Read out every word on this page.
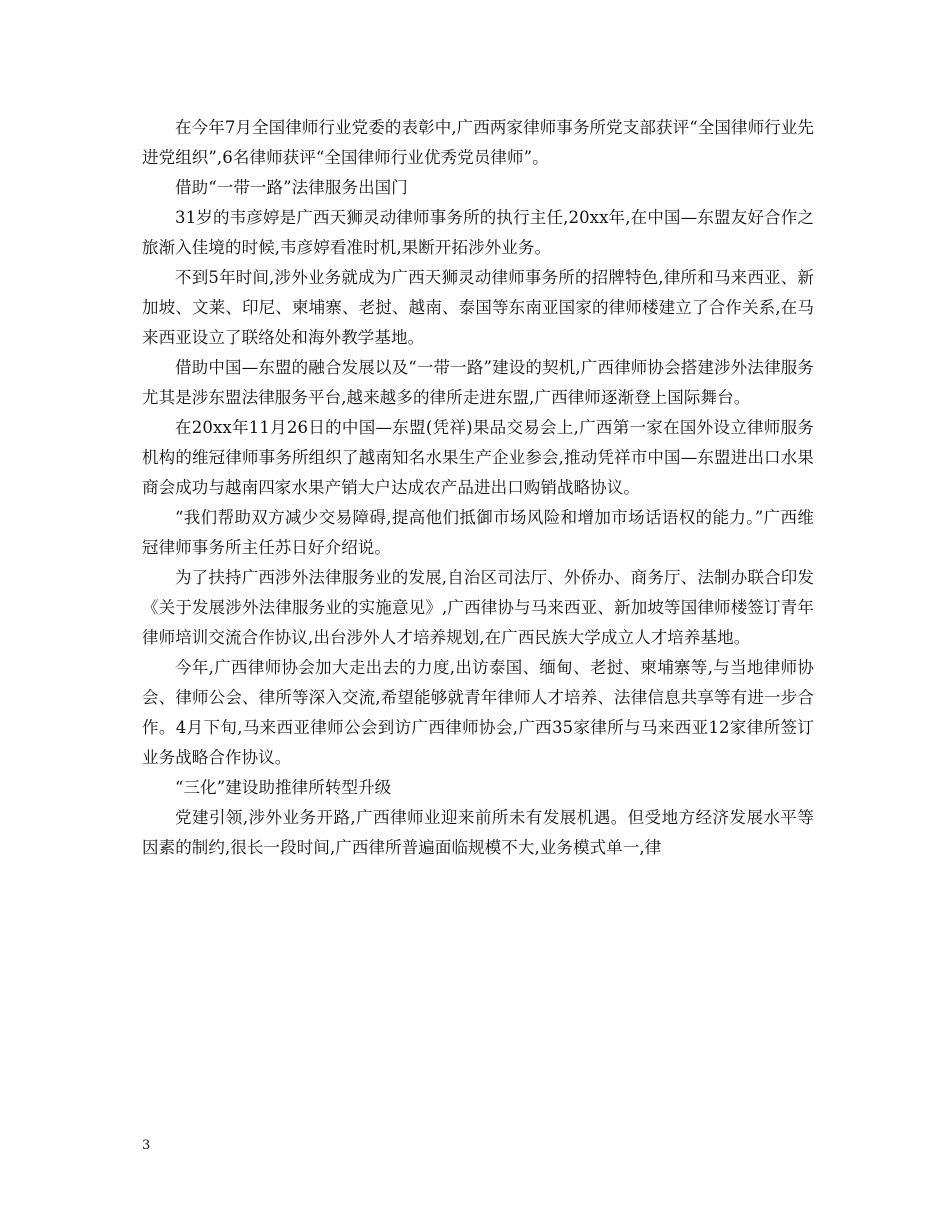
在今年7月全国律师行业党委的表彰中,广西两家律师事务所党支部获评“全国律师行业先进党组织”,6名律师获评“全国律师行业优秀党员律师”。

借助“一带一路”法律服务出国门

31岁的韦彦婷是广西天狮灵动律师事务所的执行主任,20xx年,在中国—东盟友好合作之旅渐入佳境的时候,韦彦婷看准时机,果断开拓涉外业务。

不到5年时间,涉外业务就成为广西天狮灵动律师事务所的招牌特色,律所和马来西亚、新加坡、文莱、印尼、柬埔寨、老挝、越南、泰国等东南亚国家的律师楼建立了合作关系,在马来西亚设立了联络处和海外教学基地。

借助中国—东盟的融合发展以及“一带一路”建设的契机,广西律师协会搭建涉外法律服务尤其是涉东盟法律服务平台,越来越多的律所走进东盟,广西律师逐渐登上国际舞台。

在20xx年11月26日的中国—东盟(凭祥)果品交易会上,广西第一家在国外设立律师服务机构的维冠律师事务所组织了越南知名水果生产企业参会,推动凭祥市中国—东盟进出口水果商会成功与越南四家水果产销大户达成农产品进出口购销战略协议。

“我们帮助双方减少交易障碍,提高他们抵御市场风险和增加市场话语权的能力。”广西维冠律师事务所主任苏日好介绍说。

为了扶持广西涉外法律服务业的发展,自治区司法厅、外侨办、商务厅、法制办联合印发《关于发展涉外法律服务业的实施意见》,广西律协与马来西亚、新加坡等国律师楼签订青年律师培训交流合作协议,出台涉外人才培养规划,在广西民族大学成立人才培养基地。

今年,广西律师协会加大走出去的力度,出访泰国、缅甸、老挝、柬埔寨等,与当地律师协会、律师公会、律所等深入交流,希望能够就青年律师人才培养、法律信息共享等有进一步合作。4月下旬,马来西亚律师公会到访广西律师协会,广西35家律所与马来西亚12家律所签订业务战略合作协议。

“三化”建设助推律所转型升级

党建引领,涉外业务开路,广西律师业迎来前所未有发展机遇。但受地方经济发展水平等因素的制约,很长一段时间,广西律所普遍面临规模不大,业务模式单一,律

3
